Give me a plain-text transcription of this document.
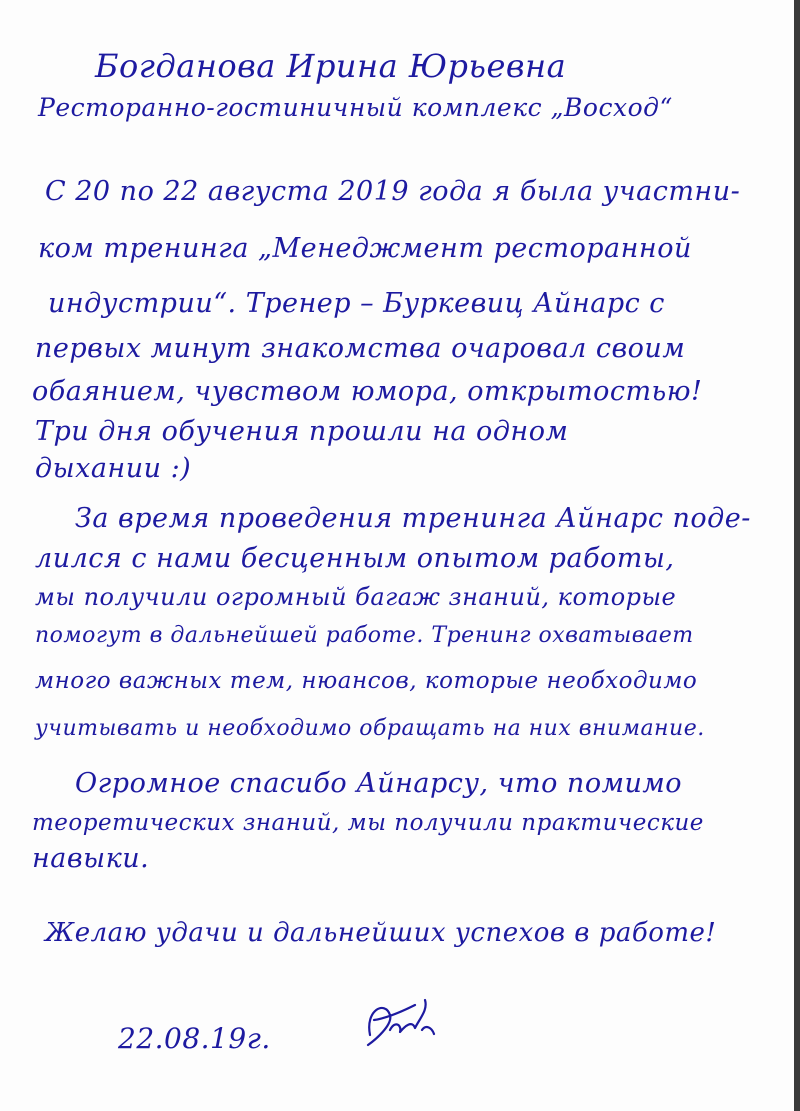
Богданова Ирина Юрьевна
Ресторанно-гостиничный комплекс „Восход“
С 20 по 22 августа 2019 года я была участни-
ком тренинга „Менеджмент ресторанной
индустрии“. Тренер – Буркевиц Айнарс с
первых минут знакомства очаровал своим
обаянием, чувством юмора, открытостью!
Три дня обучения прошли на одном
дыхании :)
За время проведения тренинга Айнарс поде-
лился с нами бесценным опытом работы,
мы получили огромный багаж знаний, которые
помогут в дальнейшей работе. Тренинг охватывает
много важных тем, нюансов, которые необходимо
учитывать и необходимо обращать на них внимание.
Огромное спасибо Айнарсу, что помимо
теоретических знаний, мы получили практические
навыки.
Желаю удачи и дальнейших успехов в работе!
22.08.19г.
